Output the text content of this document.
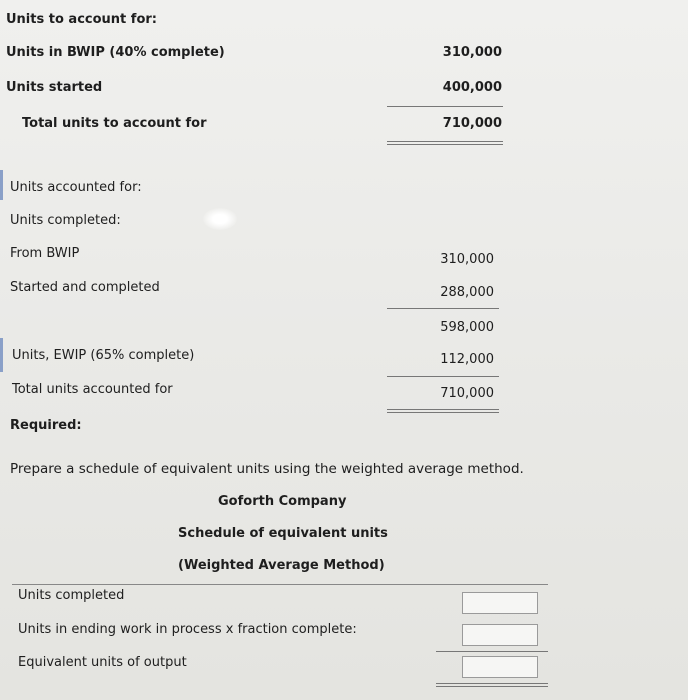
Units to account for:
Units in BWIP (40% complete)	310,000
Units started	400,000
Total units to account for	710,000
Units accounted for:
Units completed:
From BWIP	310,000
Started and completed	288,000
598,000
Units, EWIP (65% complete)	112,000
Total units accounted for	710,000
Required:
Prepare a schedule of equivalent units using the weighted average method.
Goforth Company
Schedule of equivalent units
(Weighted Average Method)
Units completed
Units in ending work in process x fraction complete:
Equivalent units of output
